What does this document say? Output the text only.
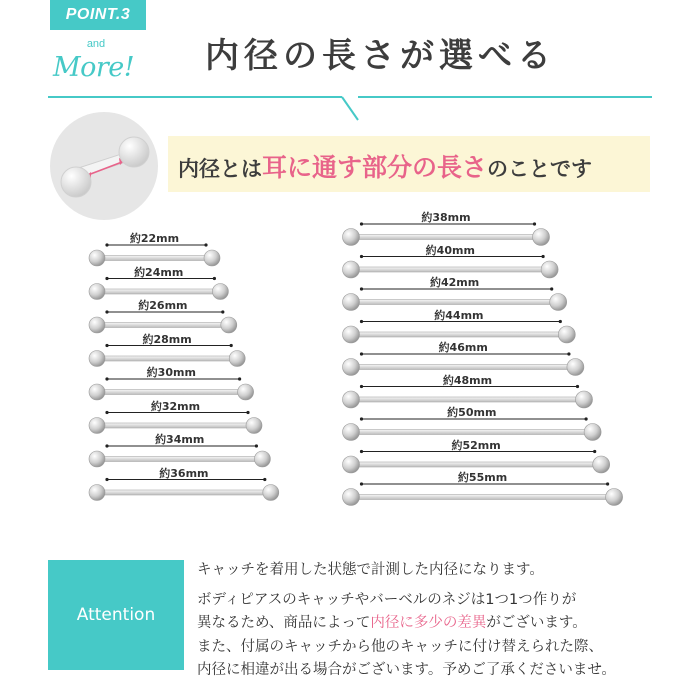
POINT.3
and
More! 内径の長さが選べる
内径とは耳に通す部分の長さのことです
約22mm
約24mm
約26mm
約28mm
約30mm
約32mm
約34mm
約36mm
約38mm
約40mm
約42mm
約44mm
約46mm
約48mm
約50mm
約52mm
約55mm
Attention

キャッチを着用した状態で計測した内径になります。

ボディピアスのキャッチやバーベルのネジは1つ1つ作りが

異なるため、商品によって内径に多少の差異がございます。

また、付属のキャッチから他のキャッチに付け替えられた際、

内径に相違が出る場合がございます。予めご了承くださいませ。
